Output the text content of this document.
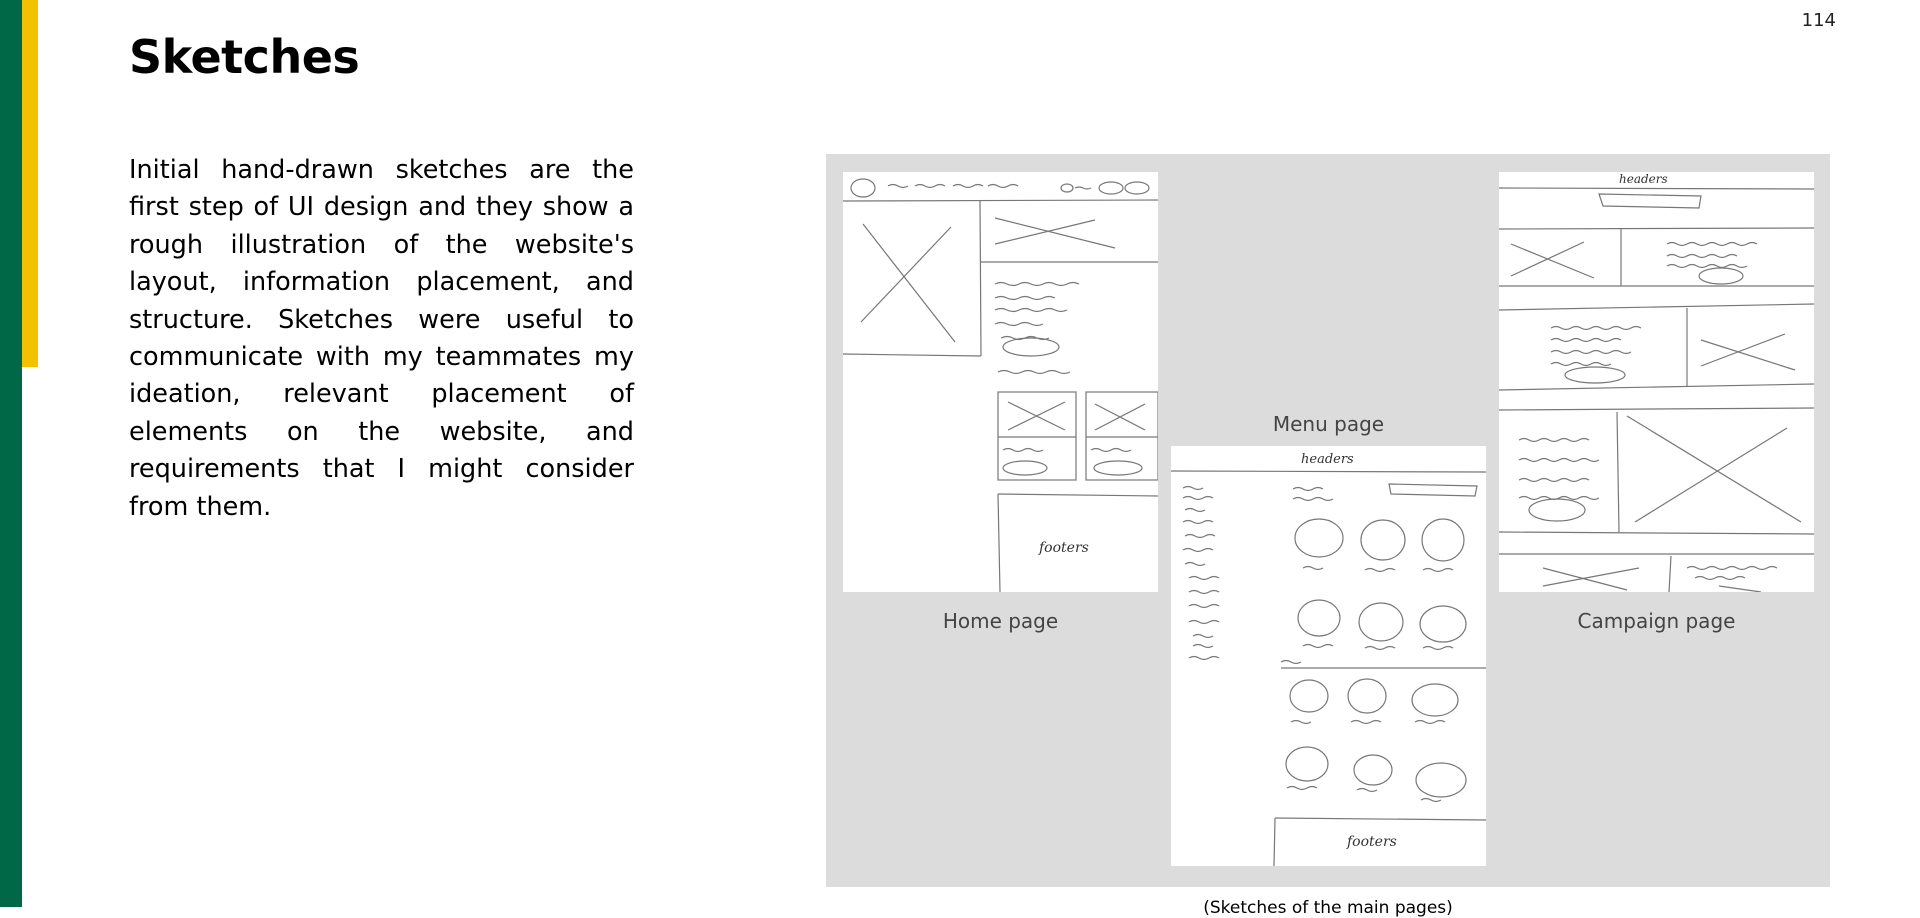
114
Sketches

Initial hand-drawn sketches are the first step of UI design and they show a rough illustration of the website's layout, information placement, and structure. Sketches were useful to communicate with my teammates my ideation, relevant placement of elements on the website, and requirements that I might consider from them.

footers
Home page
Menu page
headers
footers
headers
Campaign page
(Sketches of the main pages)
